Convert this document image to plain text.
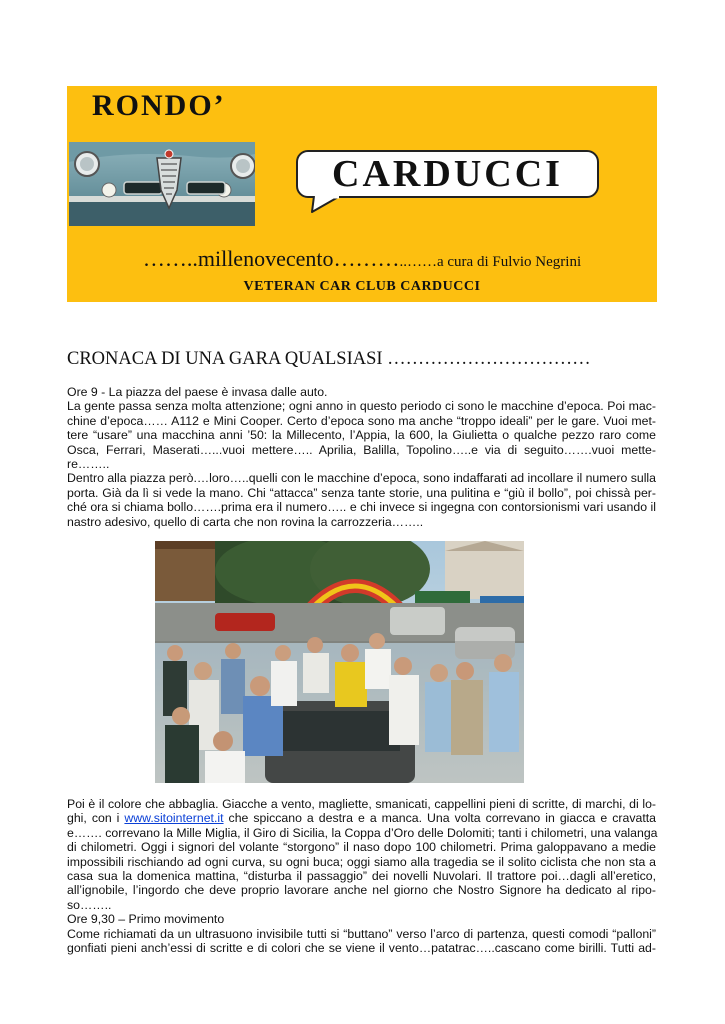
RONDO’
CARDUCCI
……..millenovecento………..……a cura di Fulvio Negrini
VETERAN CAR CLUB CARDUCCI
CRONACA DI UNA GARA QUALSIASI ……………………………
Ore 9 - La piazza del paese è invasa dalle auto.
La gente passa senza molta attenzione; ogni anno in questo periodo ci sono le macchine d’epoca. Poi mac-
chine d’epoca…… A112 e Mini Cooper. Certo d’epoca sono ma anche “troppo ideali” per le gare. Vuoi met-
tere “usare” una macchina anni ’50: la Millecento, l’Appia, la 600, la Giulietta o qualche pezzo raro come
Osca, Ferrari, Maserati…...vuoi mettere….. Aprilia, Balilla, Topolino…..e via di seguito…….vuoi mette-
re……..
Dentro alla piazza però.…loro…..quelli con le macchine d’epoca, sono indaffarati ad incollare il numero sulla
porta. Già da lì si vede la mano. Chi “attacca” senza tante storie, una pulitina e “giù il bollo”, poi chissà per-
ché ora si chiama bollo…….prima era il numero….. e chi invece si ingegna con contorsionismi vari usando il
nastro adesivo, quello di carta che non rovina la carrozzeria……..
Poi è il colore che abbaglia. Giacche a vento, magliette, smanicati, cappellini pieni di scritte, di marchi, di lo-
ghi, con i www.sitointernet.it che spiccano a destra e a manca. Una volta correvano in giacca e cravatta
e……. correvano la Mille Miglia, il Giro di Sicilia, la Coppa d’Oro delle Dolomiti; tanti i chilometri, una valanga
di chilometri. Oggi i signori del volante “storgono” il naso dopo 100 chilometri. Prima galoppavano a medie
impossibili rischiando ad ogni curva, su ogni buca; oggi siamo alla tragedia se il solito ciclista che non sta a
casa sua la domenica mattina, “disturba il passaggio” dei novelli Nuvolari. Il trattore poi…dagli all’eretico,
all’ignobile, l’ingordo che deve proprio lavorare anche nel giorno che Nostro Signore ha dedicato al ripo-
so……..
Ore 9,30 – Primo movimento
Come richiamati da un ultrasuono invisibile tutti si “buttano” verso l’arco di partenza, questi comodi “palloni”
gonfiati pieni anch’essi di scritte e di colori che se viene il vento…patatrac…..cascano come birilli. Tutti ad-
